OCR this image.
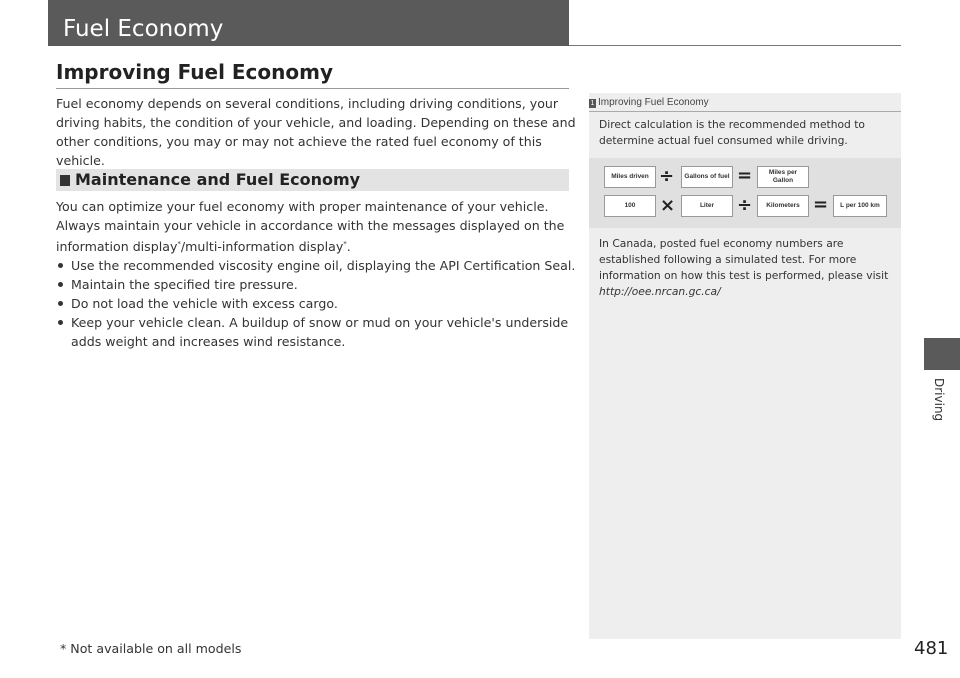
Fuel Economy
Improving Fuel Economy
Fuel economy depends on several conditions, including driving conditions, your driving habits, the condition of your vehicle, and loading. Depending on these and other conditions, you may or may not achieve the rated fuel economy of this vehicle.
Maintenance and Fuel Economy

You can optimize your fuel economy with proper maintenance of your vehicle. Always maintain your vehicle in accordance with the messages displayed on the information display*/multi-information display*.

Use the recommended viscosity engine oil, displaying the API Certification Seal.
Maintain the specified tire pressure.
Do not load the vehicle with excess cargo.
Keep your vehicle clean. A buildup of snow or mud on your vehicle's underside adds weight and increases wind resistance.
1 Improving Fuel Economy
Direct calculation is the recommended method to determine actual fuel consumed while driving.
Miles driven ÷	Gallons of fuel =	Miles per Gallon
100	×	Liter	÷	Kilometers =	L per 100 km
In Canada, posted fuel economy numbers are established following a simulated test. For more information on how this test is performed, please visit
http://oee.nrcan.gc.ca/
Driving
* Not available on all models	481
